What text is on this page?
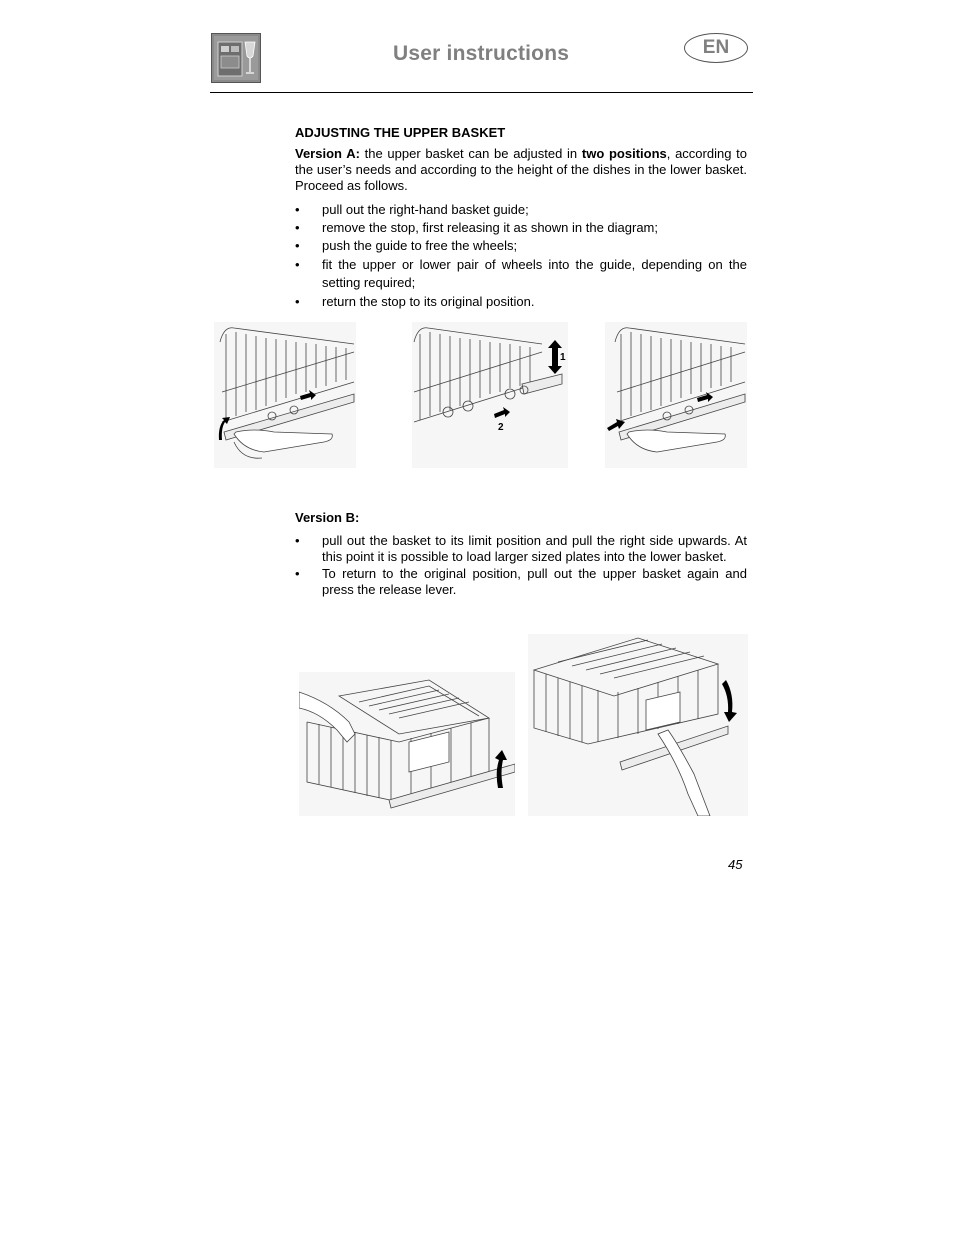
User instructions	EN
ADJUSTING THE UPPER BASKET
Version A: the upper basket can be adjusted in two positions, according to the user’s needs and according to the height of the dishes in the lower basket. Proceed as follows.
• pull out the right-hand basket guide;
• remove the stop, first releasing it as shown in the diagram;
• push the guide to free the wheels;
• fit the upper or lower pair of wheels into the guide, depending on the setting required;
• return the stop to its original position.
1
2
Version B:
• pull out the basket to its limit position and pull the right side upwards. At this point it is possible to load larger sized plates into the lower basket.
• To return to the original position, pull out the upper basket again and press the release lever.
45
